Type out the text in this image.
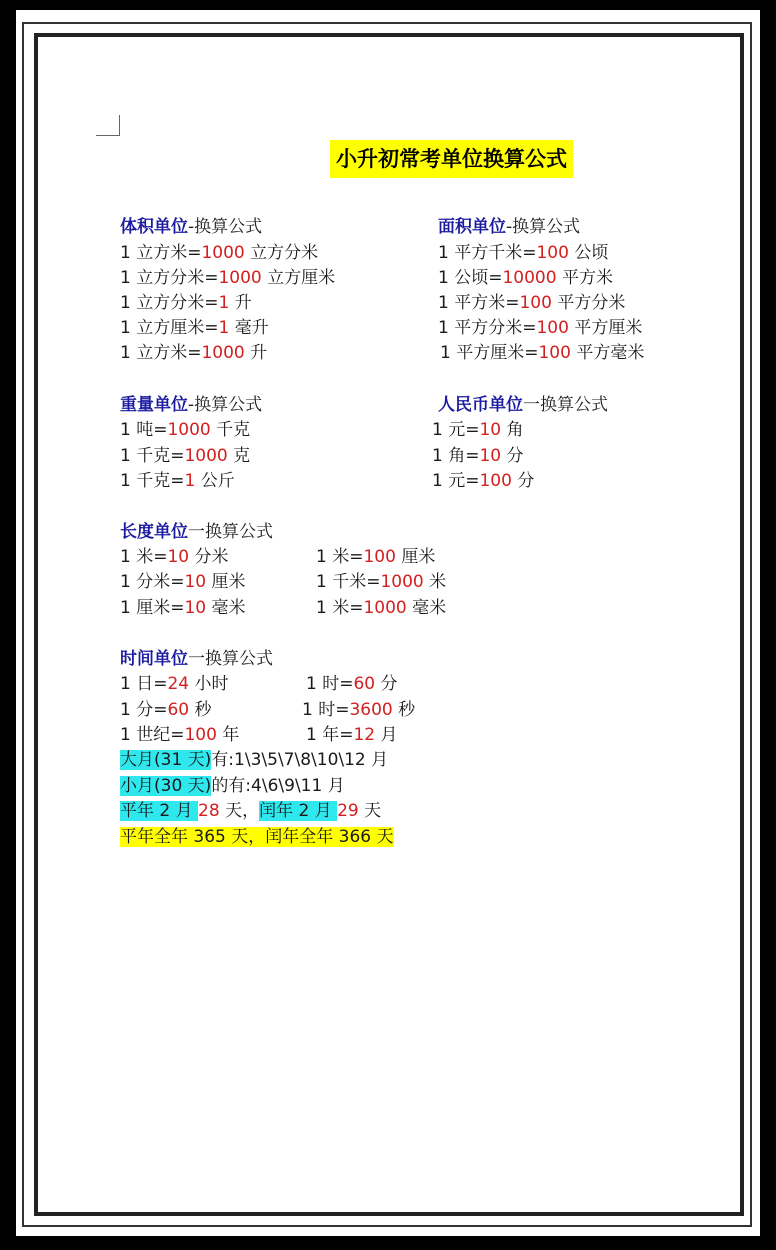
小升初常考单位换算公式
体积单位-换算公式
1 立方米=1000 立方分米
1 立方分米=1000 立方厘米
1 立方分米=1 升
1 立方厘米=1 毫升
1 立方米=1000 升
面积单位-换算公式
1 平方千米=100 公顷
1 公顷=10000 平方米
1 平方米=100 平方分米
1 平方分米=100 平方厘米
1 平方厘米=100 平方毫米
重量单位-换算公式
1 吨=1000 千克
1 千克=1000 克
1 千克=1 公斤
人民币单位一换算公式
1 元=10 角
1 角=10 分
1 元=100 分
长度单位一换算公式
1 米=10 分米
1 分米=10 厘米
1 厘米=10 毫米
1 米=100 厘米
1 千米=1000 米
1 米=1000 毫米
时间单位一换算公式
1 日=24 小时
1 分=60 秒
1 世纪=100 年
1 时=60 分
1 时=3600 秒
1 年=12 月
大月(31 天)有:1\3\5\7\8\10\12 月
小月(30 天)的有:4\6\9\11 月
平年 2 月 28 天，闰年 2 月 29 天
平年全年 365 天，闰年全年 366 天
